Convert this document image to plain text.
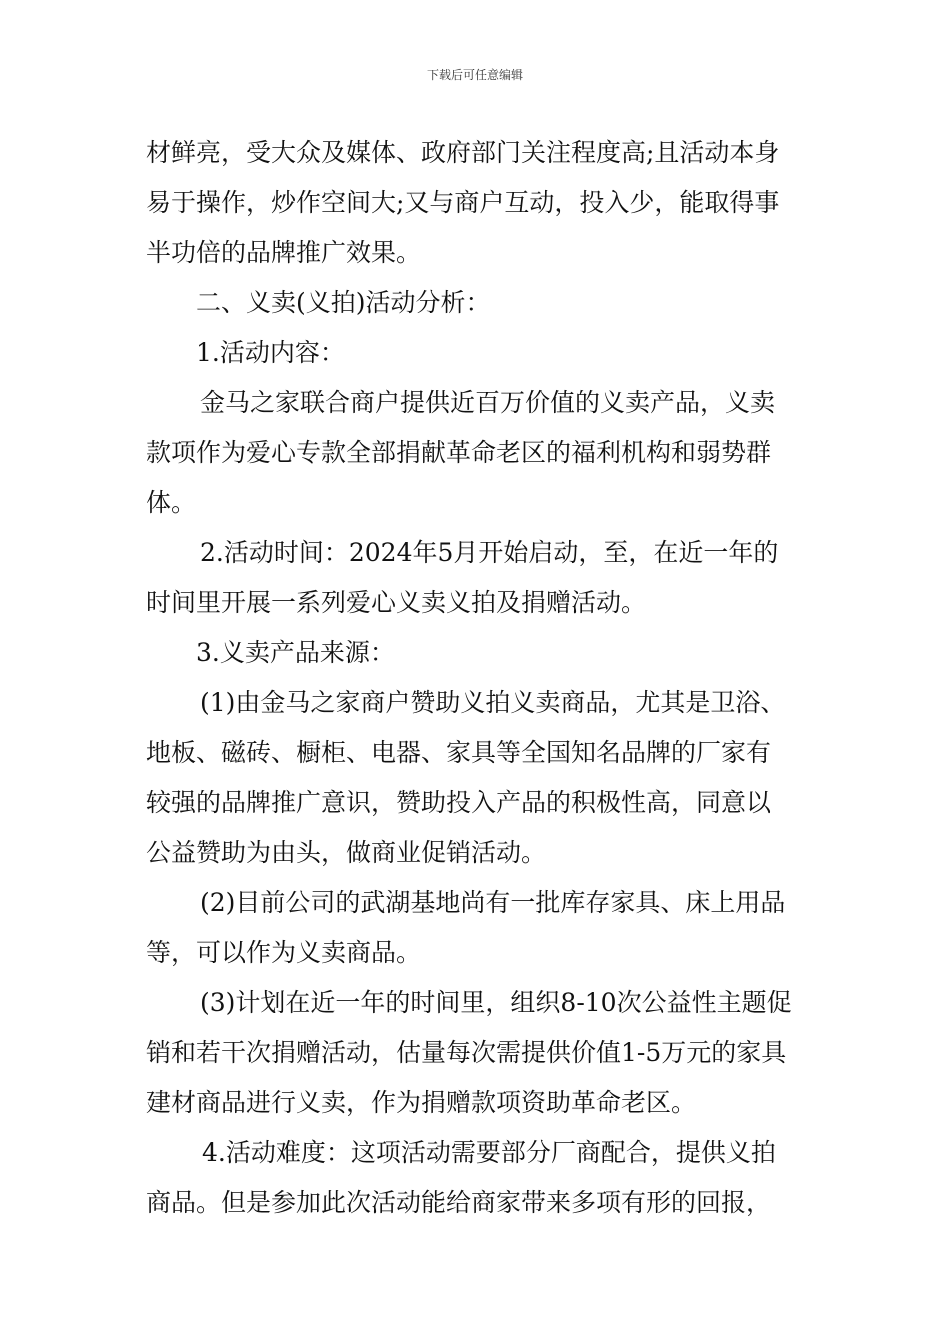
下载后可任意编辑
材鲜亮，受大众及媒体、政府部门关注程度高;且活动本身
易于操作，炒作空间大;又与商户互动，投入少，能取得事
半功倍的品牌推广效果。
二、义卖(义拍)活动分析：
1.活动内容：
金马之家联合商户提供近百万价值的义卖产品，义卖
款项作为爱心专款全部捐献革命老区的福利机构和弱势群
体。
2.活动时间：2024年5月开始启动，至，在近一年的
时间里开展一系列爱心义卖义拍及捐赠活动。
3.义卖产品来源：
(1)由金马之家商户赞助义拍义卖商品，尤其是卫浴、
地板、磁砖、橱柜、电器、家具等全国知名品牌的厂家有
较强的品牌推广意识，赞助投入产品的积极性高，同意以
公益赞助为由头，做商业促销活动。
(2)目前公司的武湖基地尚有一批库存家具、床上用品
等，可以作为义卖商品。
(3)计划在近一年的时间里，组织8-10次公益性主题促
销和若干次捐赠活动，估量每次需提供价值1-5万元的家具
建材商品进行义卖，作为捐赠款项资助革命老区。
4.活动难度：这项活动需要部分厂商配合，提供义拍
商品。但是参加此次活动能给商家带来多项有形的回报，
